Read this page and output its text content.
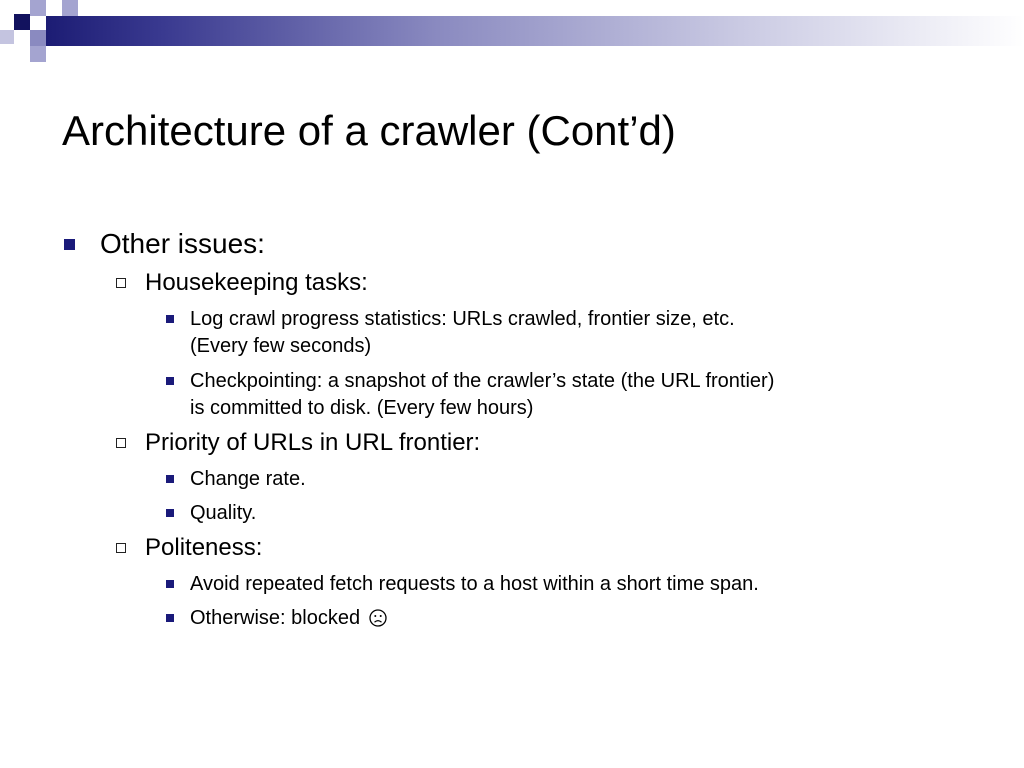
Architecture of a crawler (Cont’d)
Other issues:
Housekeeping tasks:
Log crawl progress statistics: URLs crawled, frontier size, etc.
(Every few seconds)
Checkpointing: a snapshot of the crawler’s state (the URL frontier)
is committed to disk. (Every few hours)
Priority of URLs in URL frontier:
Change rate.
Quality.
Politeness:
Avoid repeated fetch requests to a host within a short time span.
Otherwise: blocked
